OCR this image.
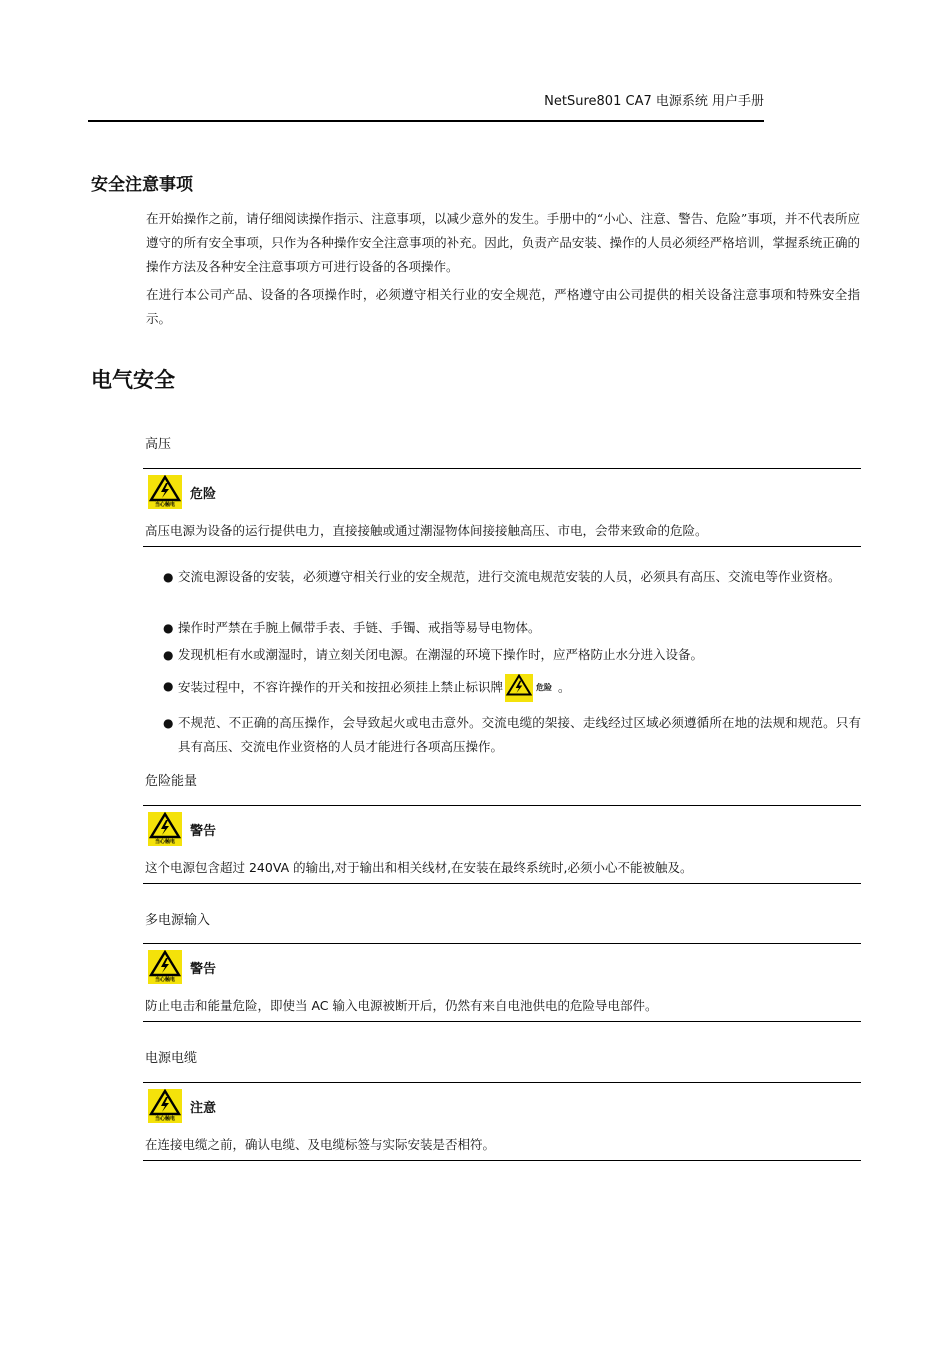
NetSure801 CA7 电源系统 用户手册
安全注意事项
在开始操作之前，请仔细阅读操作指示、注意事项，以减少意外的发生。手册中的“小心、注意、警告、危险”事项，并不代表所应遵守的所有安全事项，只作为各种操作安全注意事项的补充。因此，负责产品安装、操作的人员必须经严格培训，掌握系统正确的操作方法及各种安全注意事项方可进行设备的各项操作。
在进行本公司产品、设备的各项操作时，必须遵守相关行业的安全规范，严格遵守由公司提供的相关设备注意事项和特殊安全指示。
电气安全
高压
当心触电
危险
高压电源为设备的运行提供电力，直接接触或通过潮湿物体间接接触高压、市电，会带来致命的危险。
● 交流电源设备的安装，必须遵守相关行业的安全规范，进行交流电规范安装的人员，必须具有高压、交流电等作业资格。
● 操作时严禁在手腕上佩带手表、手链、手镯、戒指等易导电物体。
● 发现机柜有水或潮湿时，请立刻关闭电源。在潮湿的环境下操作时，应严格防止水分进入设备。
● 安装过程中，不容许操作的开关和按扭必须挂上禁止标识牌	危险 。
● 不规范、不正确的高压操作，会导致起火或电击意外。交流电缆的架接、走线经过区域必须遵循所在地的法规和规范。只有具有高压、交流电作业资格的人员才能进行各项高压操作。
危险能量
当心触电
警告
这个电源包含超过 240VA 的输出,对于输出和相关线材,在安装在最终系统时,必须小心不能被触及。
多电源输入
当心触电
警告
防止电击和能量危险，即使当 AC 输入电源被断开后，仍然有来自电池供电的危险导电部件。
电源电缆
当心触电
注意
在连接电缆之前，确认电缆、及电缆标签与实际安装是否相符。
